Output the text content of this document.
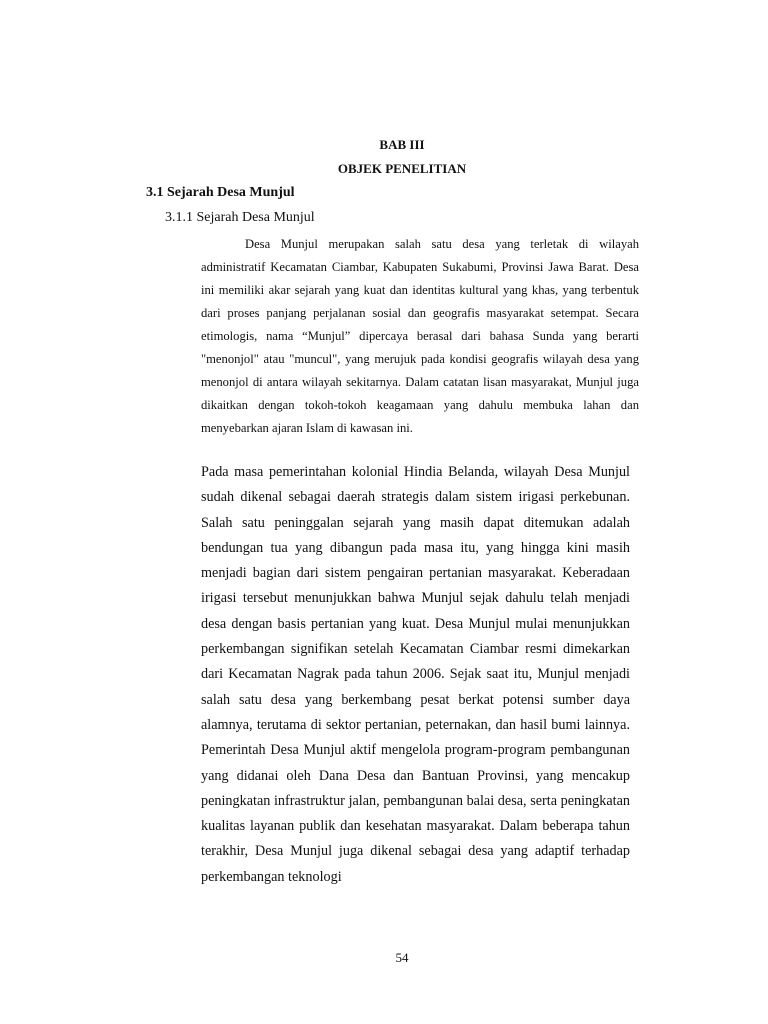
BAB III
OBJEK PENELITIAN
3.1 Sejarah Desa Munjul
3.1.1 Sejarah Desa Munjul

Desa Munjul merupakan salah satu desa yang terletak di wilayah administratif Kecamatan Ciambar, Kabupaten Sukabumi, Provinsi Jawa Barat. Desa ini memiliki akar sejarah yang kuat dan identitas kultural yang khas, yang terbentuk dari proses panjang perjalanan sosial dan geografis masyarakat setempat. Secara etimologis, nama “Munjul” dipercaya berasal dari bahasa Sunda yang berarti "menonjol" atau "muncul", yang merujuk pada kondisi geografis wilayah desa yang menonjol di antara wilayah sekitarnya. Dalam catatan lisan masyarakat, Munjul juga dikaitkan dengan tokoh-tokoh keagamaan yang dahulu membuka lahan dan menyebarkan ajaran Islam di kawasan ini.

Pada masa pemerintahan kolonial Hindia Belanda, wilayah Desa Munjul sudah dikenal sebagai daerah strategis dalam sistem irigasi perkebunan. Salah satu peninggalan sejarah yang masih dapat ditemukan adalah bendungan tua yang dibangun pada masa itu, yang hingga kini masih menjadi bagian dari sistem pengairan pertanian masyarakat. Keberadaan irigasi tersebut menunjukkan bahwa Munjul sejak dahulu telah menjadi desa dengan basis pertanian yang kuat. Desa Munjul mulai menunjukkan perkembangan signifikan setelah Kecamatan Ciambar resmi dimekarkan dari Kecamatan Nagrak pada tahun 2006. Sejak saat itu, Munjul menjadi salah satu desa yang berkembang pesat berkat potensi sumber daya alamnya, terutama di sektor pertanian, peternakan, dan hasil bumi lainnya. Pemerintah Desa Munjul aktif mengelola program-program pembangunan yang didanai oleh Dana Desa dan Bantuan Provinsi, yang mencakup peningkatan infrastruktur jalan, pembangunan balai desa, serta peningkatan kualitas layanan publik dan kesehatan masyarakat. Dalam beberapa tahun terakhir, Desa Munjul juga dikenal sebagai desa yang adaptif terhadap perkembangan teknologi

54
